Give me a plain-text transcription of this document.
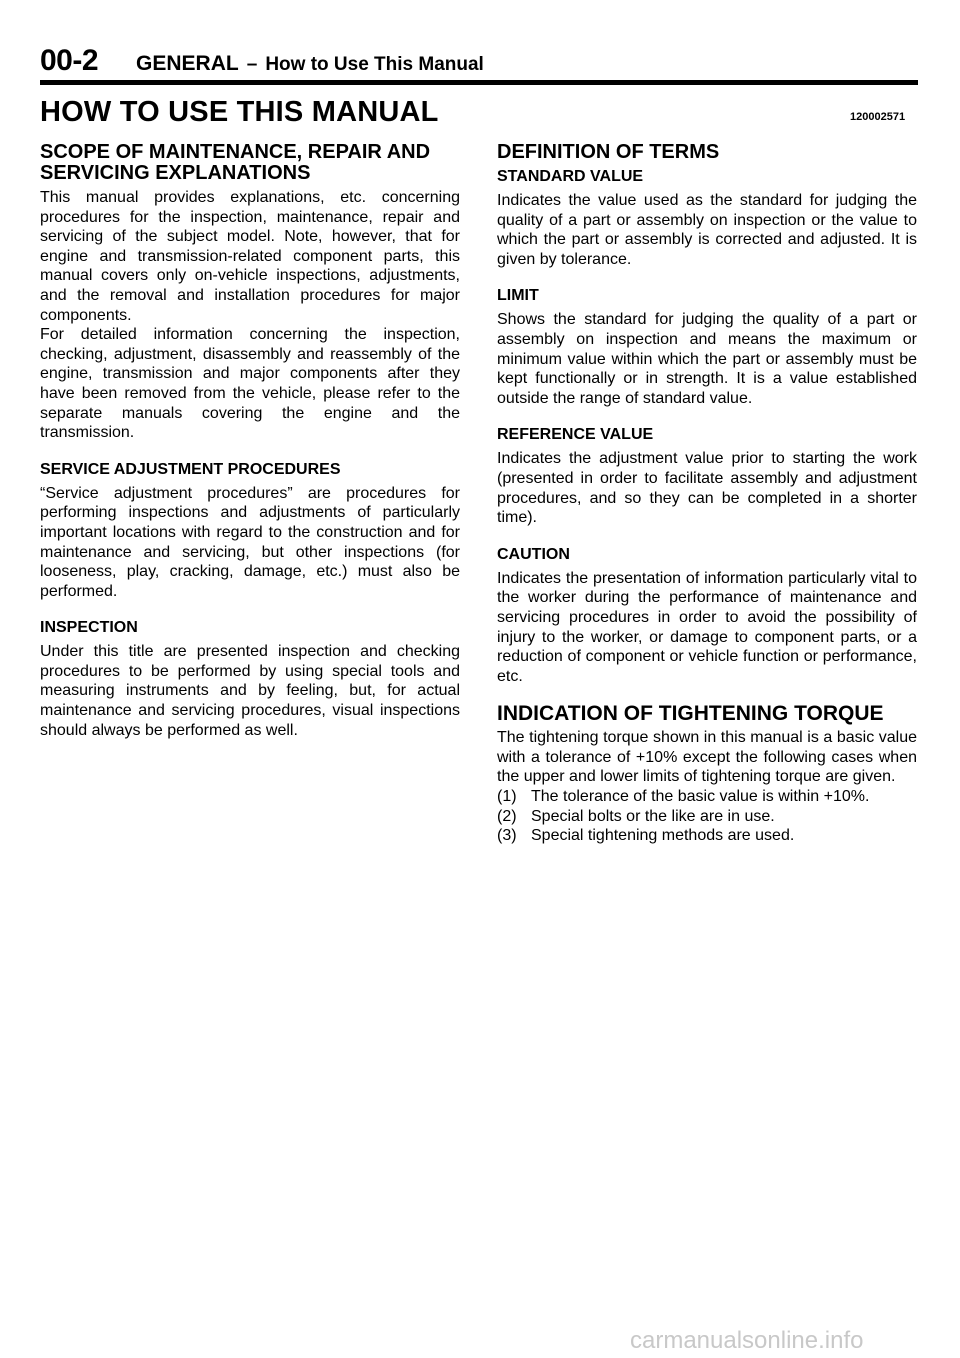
00-2 GENERAL – How to Use This Manual
HOW TO USE THIS MANUAL	120002571
SCOPE OF MAINTENANCE, REPAIR AND SERVICING EXPLANATIONS

This manual provides explanations, etc. concerning procedures for the inspection, maintenance, repair and servicing of the subject model. Note, however, that for engine and transmission-related component parts, this manual covers only on-vehicle inspections, adjustments, and the removal and installation procedures for major components.

For detailed information concerning the inspection, checking, adjustment, disassembly and reassembly of the engine, transmission and major components after they have been removed from the vehicle, please refer to the separate manuals covering the engine and the transmission.

SERVICE ADJUSTMENT PROCEDURES

“Service adjustment procedures” are procedures for performing inspections and adjustments of particularly important locations with regard to the construction and for maintenance and servicing, but other inspections (for looseness, play, cracking, damage, etc.) must also be performed.

INSPECTION

Under this title are presented inspection and checking procedures to be performed by using special tools and measuring instruments and by feeling, but, for actual maintenance and servicing procedures, visual inspections should always be performed as well.

DEFINITION OF TERMS
STANDARD VALUE

Indicates the value used as the standard for judging the quality of a part or assembly on inspection or the value to which the part or assembly is corrected and adjusted. It is given by tolerance.

LIMIT

Shows the standard for judging the quality of a part or assembly on inspection and means the maximum or minimum value within which the part or assembly must be kept functionally or in strength. It is a value established outside the range of standard value.

REFERENCE VALUE

Indicates the adjustment value prior to starting the work (presented in order to facilitate assembly and adjustment procedures, and so they can be completed in a shorter time).

CAUTION

Indicates the presentation of information particularly vital to the worker during the performance of maintenance and servicing procedures in order to avoid the possibility of injury to the worker, or damage to component parts, or a reduction of component or vehicle function or performance, etc.

INDICATION OF TIGHTENING TORQUE

The tightening torque shown in this manual is a basic value with a tolerance of +10% except the following cases when the upper and lower limits of tightening torque are given.

(1) The tolerance of the basic value is within +10%.
(2) Special bolts or the like are in use.
(3) Special tightening methods are used.
carmanualsonline.info
